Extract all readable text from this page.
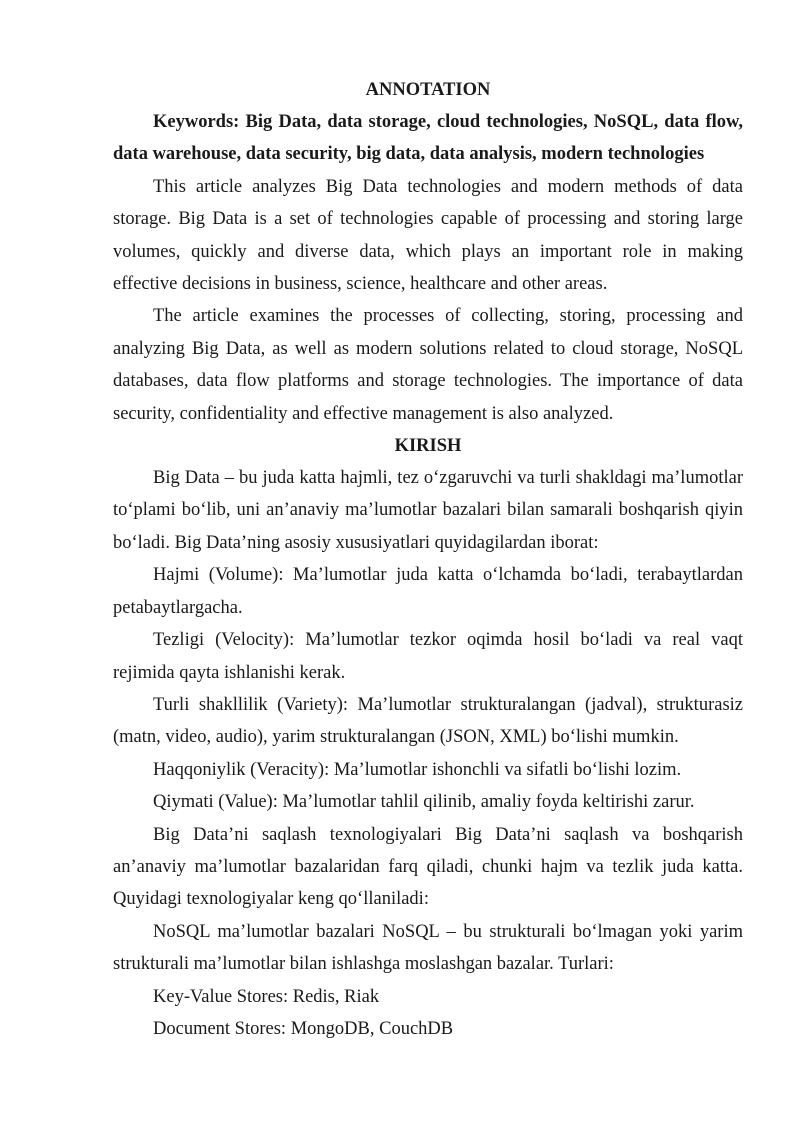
ANNOTATION

Keywords: Big Data, data storage, cloud technologies, NoSQL, data flow, data warehouse, data security, big data, data analysis, modern technologies

This article analyzes Big Data technologies and modern methods of data storage. Big Data is a set of technologies capable of processing and storing large volumes, quickly and diverse data, which plays an important role in making effective decisions in business, science, healthcare and other areas.

The article examines the processes of collecting, storing, processing and analyzing Big Data, as well as modern solutions related to cloud storage, NoSQL databases, data flow platforms and storage technologies. The importance of data security, confidentiality and effective management is also analyzed.

KIRISH

Big Data – bu juda katta hajmli, tez o‘zgaruvchi va turli shakldagi ma’lumotlar to‘plami bo‘lib, uni an’anaviy ma’lumotlar bazalari bilan samarali boshqarish qiyin bo‘ladi. Big Data’ning asosiy xususiyatlari quyidagilardan iborat:

Hajmi (Volume): Ma’lumotlar juda katta o‘lchamda bo‘ladi, terabaytlardan petabaytlargacha.

Tezligi (Velocity): Ma’lumotlar tezkor oqimda hosil bo‘ladi va real vaqt rejimida qayta ishlanishi kerak.

Turli shakllilik (Variety): Ma’lumotlar strukturalangan (jadval), strukturasiz (matn, video, audio), yarim strukturalangan (JSON, XML) bo‘lishi mumkin.

Haqqoniylik (Veracity): Ma’lumotlar ishonchli va sifatli bo‘lishi lozim.

Qiymati (Value): Ma’lumotlar tahlil qilinib, amaliy foyda keltirishi zarur.

Big Data’ni saqlash texnologiyalari Big Data’ni saqlash va boshqarish an’anaviy ma’lumotlar bazalaridan farq qiladi, chunki hajm va tezlik juda katta. Quyidagi texnologiyalar keng qo‘llaniladi:

NoSQL ma’lumotlar bazalari NoSQL – bu strukturali bo‘lmagan yoki yarim strukturali ma’lumotlar bilan ishlashga moslashgan bazalar. Turlari:

Key-Value Stores: Redis, Riak

Document Stores: MongoDB, CouchDB
